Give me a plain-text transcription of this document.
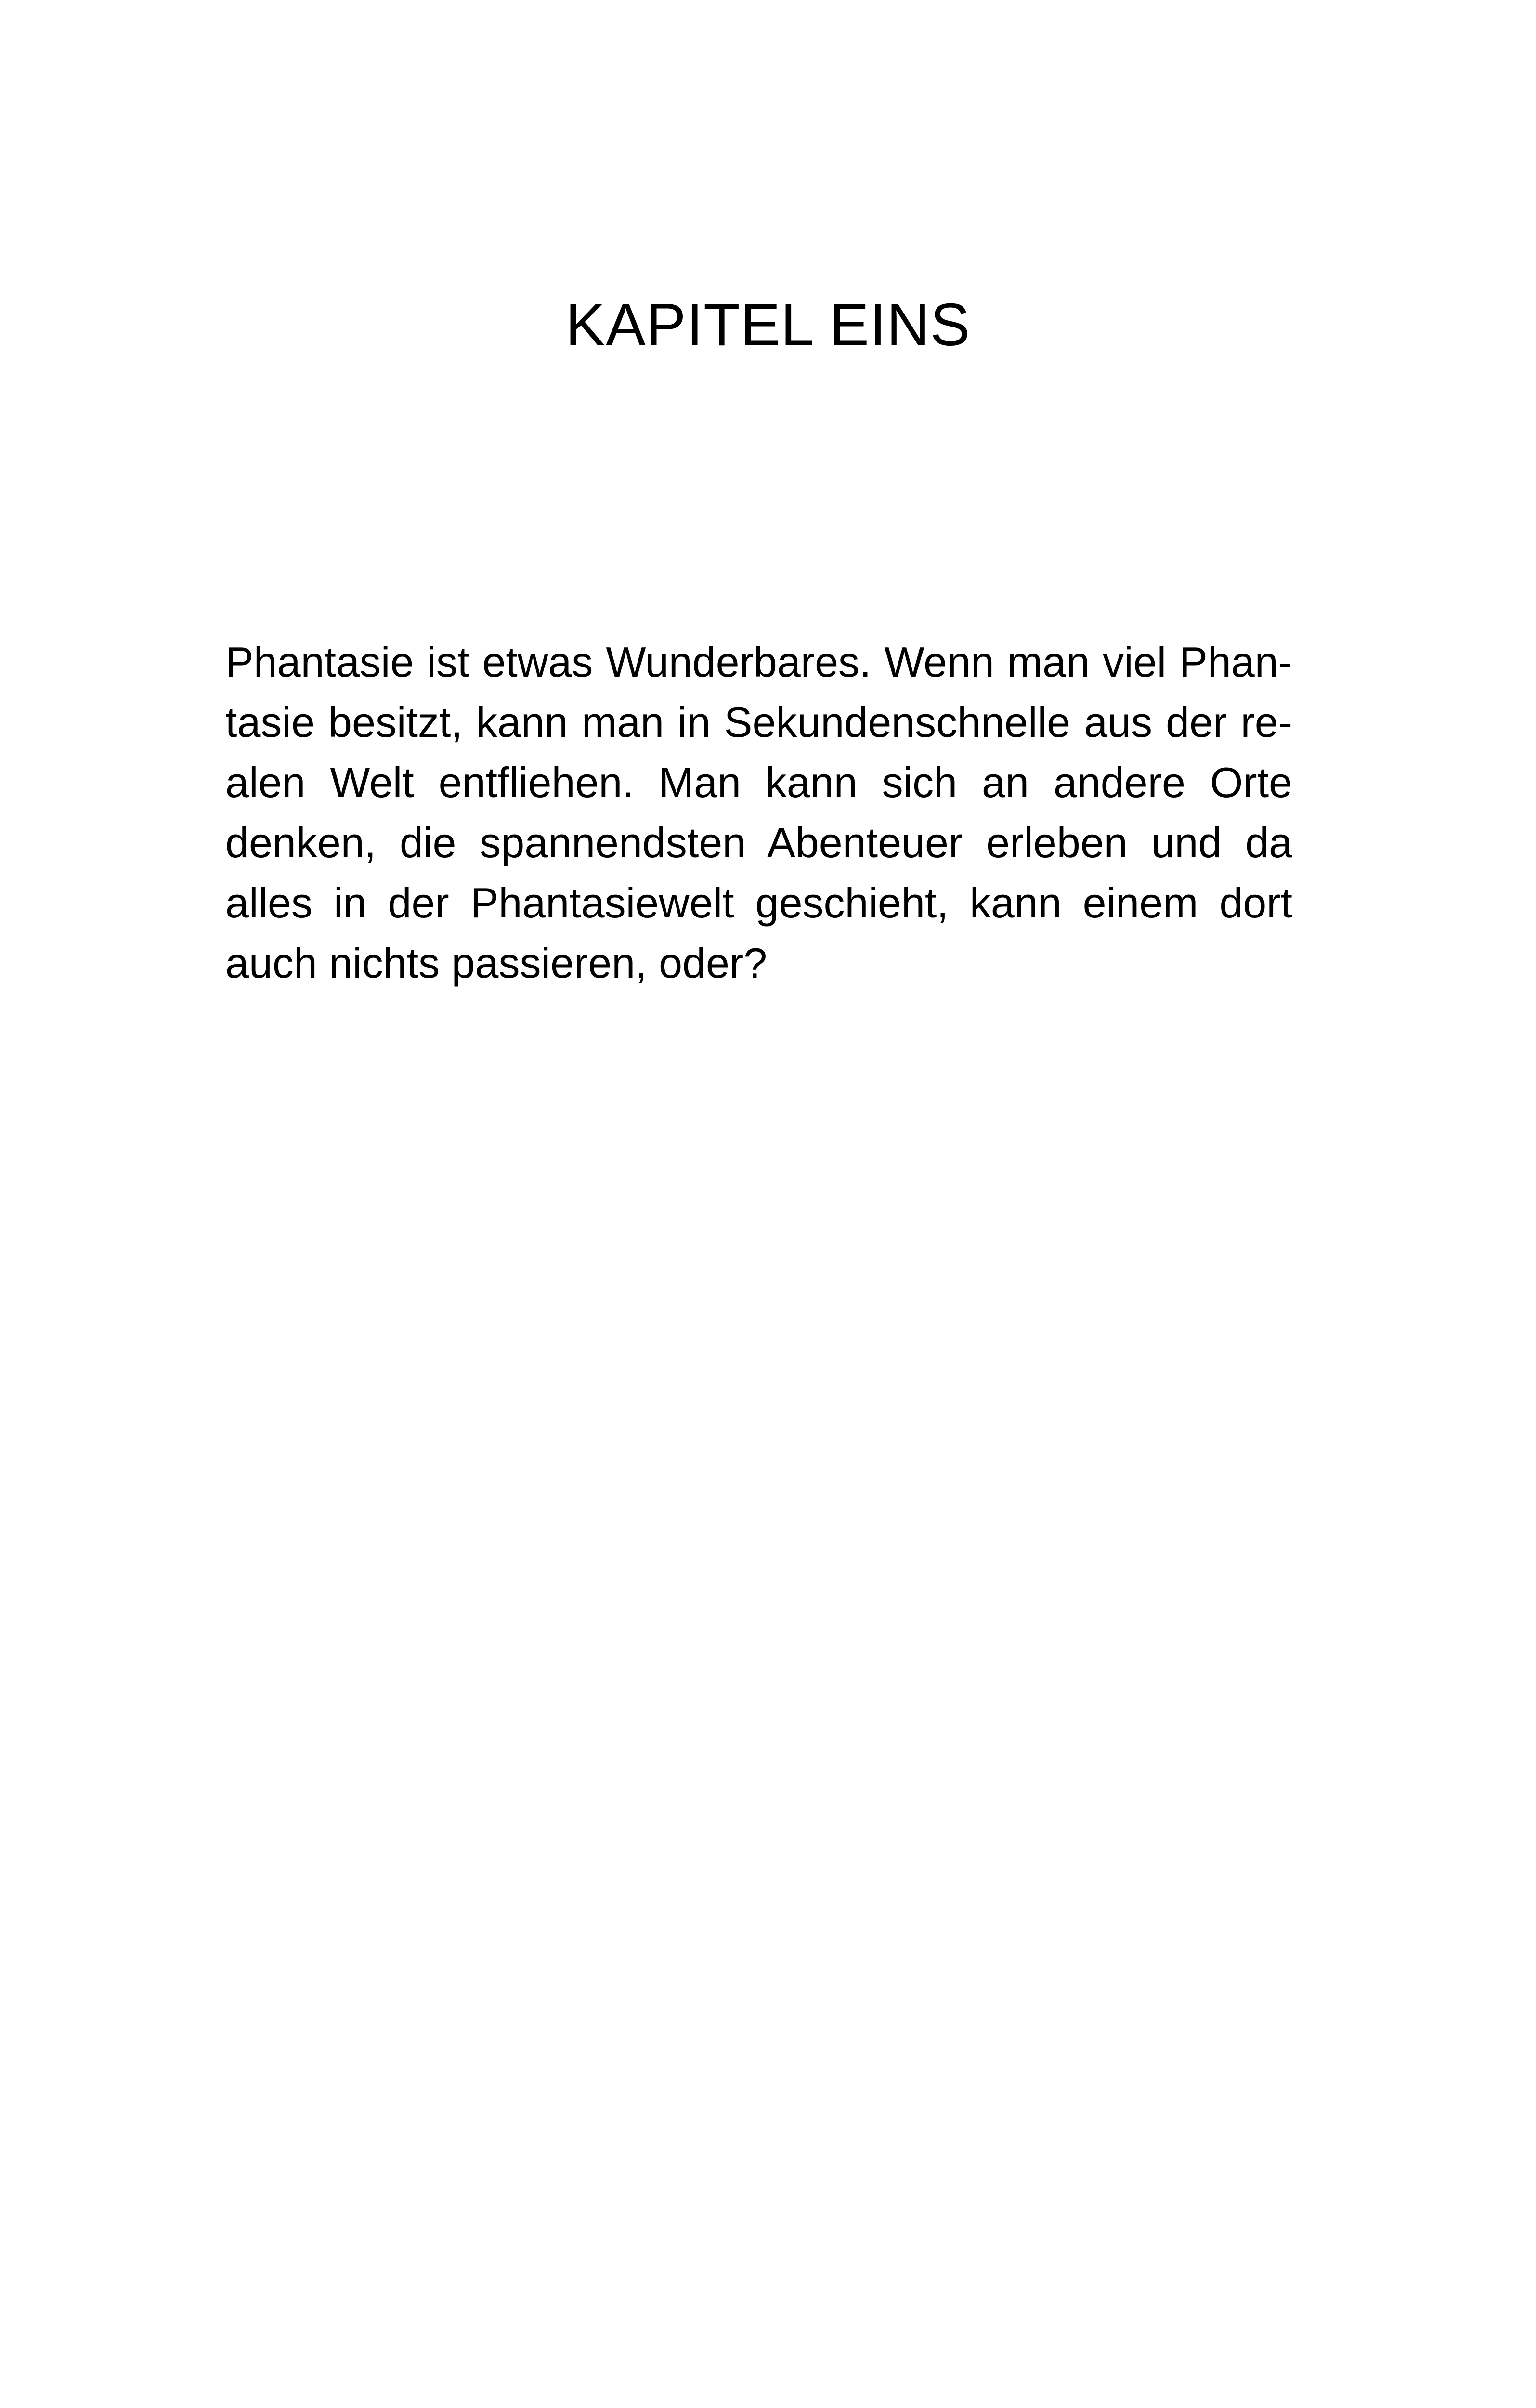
KAPITEL EINS
Phantasie ist etwas Wunderbares. Wenn man viel Phan-
tasie besitzt, kann man in Sekundenschnelle aus der re-
alen Welt entfliehen. Man kann sich an andere Orte
denken, die spannendsten Abenteuer erleben und da
alles in der Phantasiewelt geschieht, kann einem dort
auch nichts passieren, oder?
